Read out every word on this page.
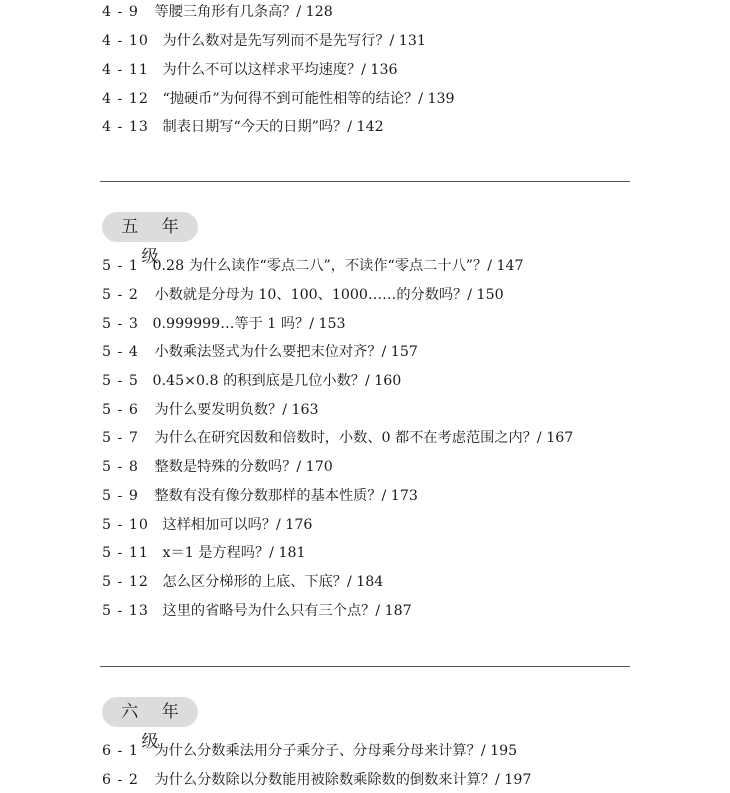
4 - 9 等腰三角形有几条高？/ 128
4 - 10 为什么数对是先写列而不是先写行？/ 131
4 - 11 为什么不可以这样求平均速度？/ 136
4 - 12 “抛硬币”为何得不到可能性相等的结论？/ 139
4 - 13 制表日期写“今天的日期”吗？/ 142
五 年 级
5 - 1 0.28 为什么读作“零点二八”，不读作“零点二十八”？/ 147
5 - 2 小数就是分母为 10、100、1000……的分数吗？/ 150
5 - 3 0.999999…等于 1 吗？/ 153
5 - 4 小数乘法竖式为什么要把末位对齐？/ 157
5 - 5 0.45×0.8 的积到底是几位小数？/ 160
5 - 6 为什么要发明负数？/ 163
5 - 7 为什么在研究因数和倍数时，小数、0 都不在考虑范围之内？/ 167
5 - 8 整数是特殊的分数吗？/ 170
5 - 9 整数有没有像分数那样的基本性质？/ 173
5 - 10 这样相加可以吗？/ 176
5 - 11 x＝1 是方程吗？/ 181
5 - 12 怎么区分梯形的上底、下底？/ 184
5 - 13 这里的省略号为什么只有三个点？/ 187
六 年 级
6 - 1 为什么分数乘法用分子乘分子、分母乘分母来计算？/ 195
6 - 2 为什么分数除以分数能用被除数乘除数的倒数来计算？/ 197
